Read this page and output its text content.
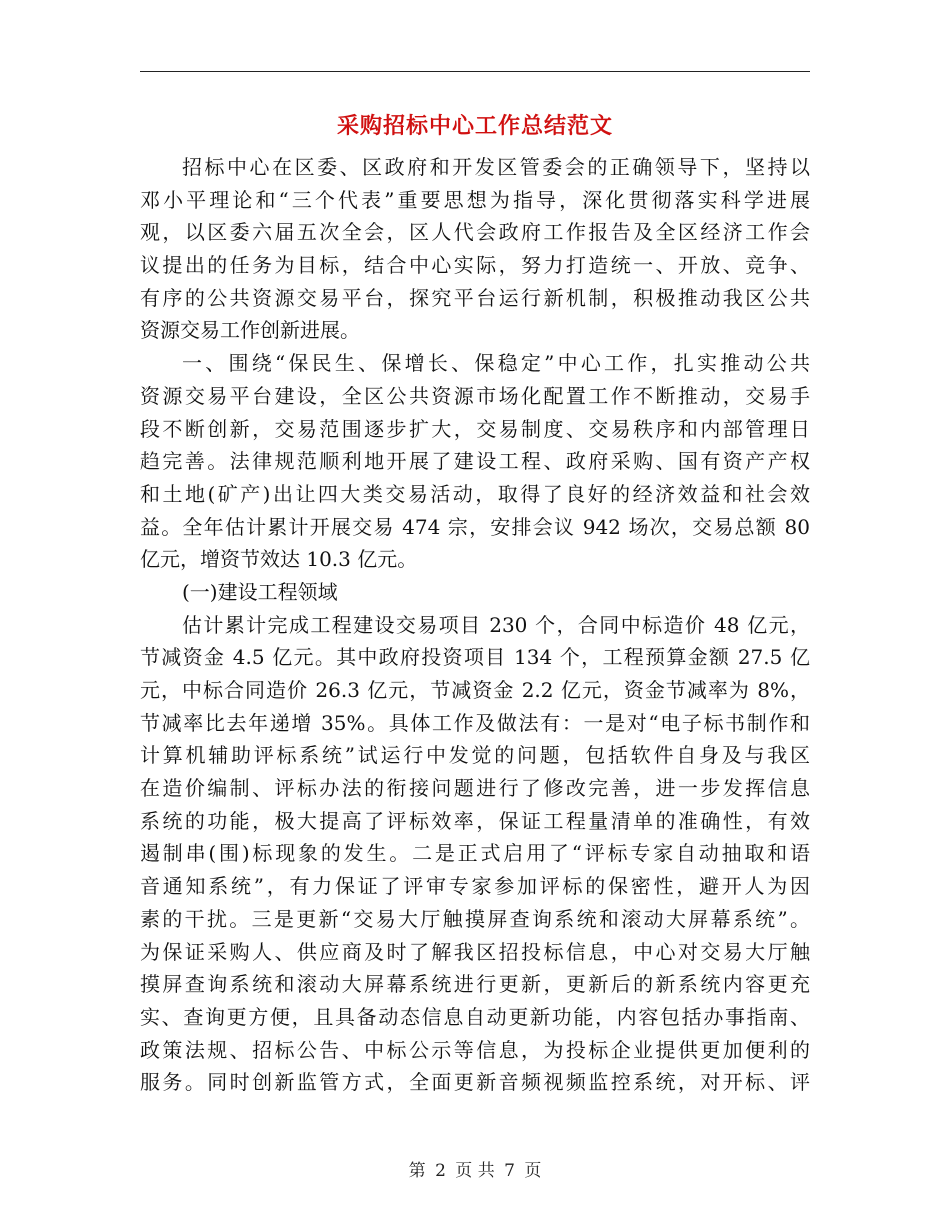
采购招标中心工作总结范文
招标中心在区委、区政府和开发区管委会的正确领导下，坚持以
邓小平理论和“三个代表”重要思想为指导，深化贯彻落实科学进展
观，以区委六届五次全会，区人代会政府工作报告及全区经济工作会
议提出的任务为目标，结合中心实际，努力打造统一、开放、竞争、
有序的公共资源交易平台，探究平台运行新机制，积极推动我区公共
资源交易工作创新进展。
一、围绕“保民生、保增长、保稳定”中心工作，扎实推动公共
资源交易平台建设，全区公共资源市场化配置工作不断推动，交易手
段不断创新，交易范围逐步扩大，交易制度、交易秩序和内部管理日
趋完善。法律规范顺利地开展了建设工程、政府采购、国有资产产权
和土地(矿产)出让四大类交易活动，取得了良好的经济效益和社会效
益。全年估计累计开展交易 474 宗，安排会议 942 场次，交易总额 80
亿元，增资节效达 10.3 亿元。
(一)建设工程领域
估计累计完成工程建设交易项目 230 个，合同中标造价 48 亿元，
节减资金 4.5 亿元。其中政府投资项目 134 个，工程预算金额 27.5 亿
元，中标合同造价 26.3 亿元，节减资金 2.2 亿元，资金节减率为 8%，
节减率比去年递增 35%。具体工作及做法有：一是对“电子标书制作和
计算机辅助评标系统”试运行中发觉的问题，包括软件自身及与我区
在造价编制、评标办法的衔接问题进行了修改完善，进一步发挥信息
系统的功能，极大提高了评标效率，保证工程量清单的准确性，有效
遏制串(围)标现象的发生。二是正式启用了“评标专家自动抽取和语
音通知系统”，有力保证了评审专家参加评标的保密性，避开人为因
素的干扰。三是更新“交易大厅触摸屏查询系统和滚动大屏幕系统”。
为保证采购人、供应商及时了解我区招投标信息，中心对交易大厅触
摸屏查询系统和滚动大屏幕系统进行更新，更新后的新系统内容更充
实、查询更方便，且具备动态信息自动更新功能，内容包括办事指南、
政策法规、招标公告、中标公示等信息，为投标企业提供更加便利的
服务。同时创新监管方式，全面更新音频视频监控系统，对开标、评
第 2 页 共 7 页
